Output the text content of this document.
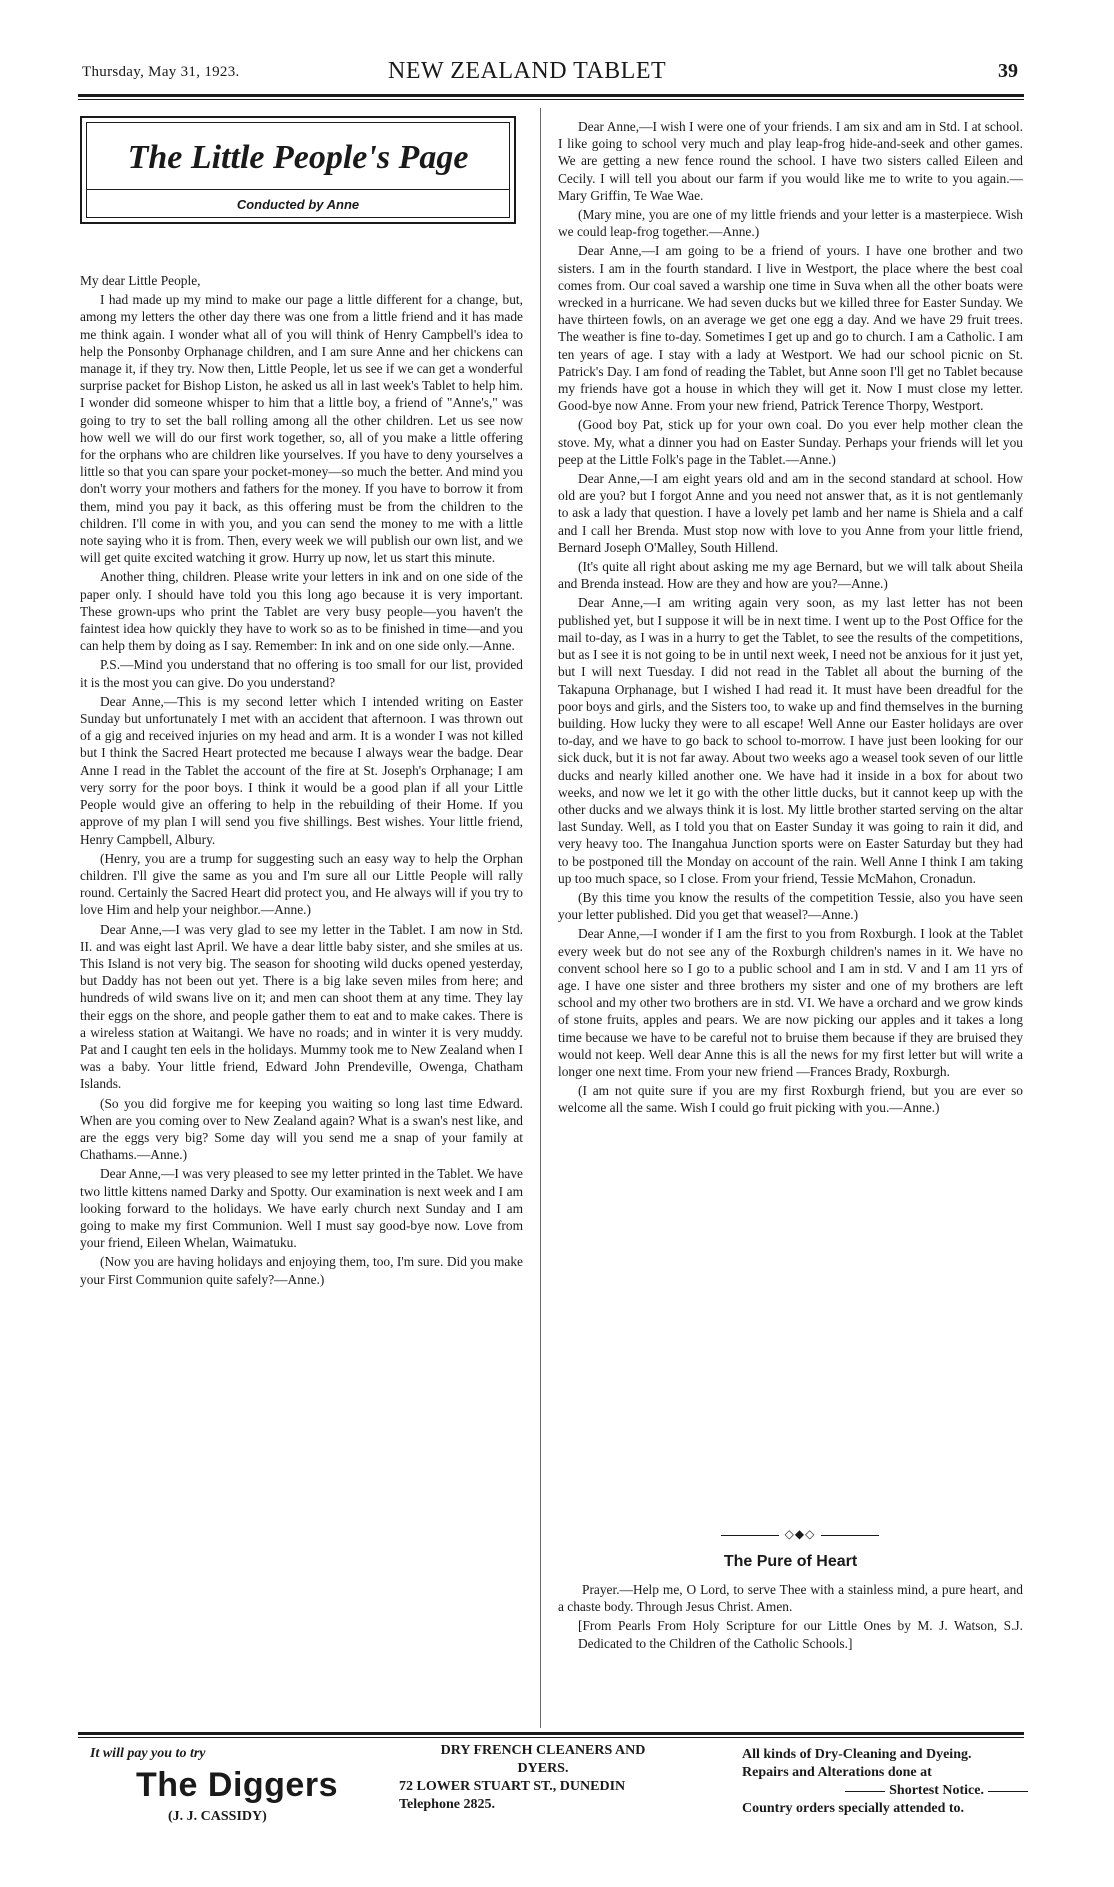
Thursday, May 31, 1923.	NEW ZEALAND TABLET	39
The Little People's Page
Conducted by Anne

My dear Little People,

I had made up my mind to make our page a little different for a change, but, among my letters the other day there was one from a little friend and it has made me think again. I wonder what all of you will think of Henry Campbell's idea to help the Ponsonby Orphanage children, and I am sure Anne and her chickens can manage it, if they try. Now then, Little People, let us see if we can get a wonderful surprise packet for Bishop Liston, he asked us all in last week's Tablet to help him. I wonder did someone whisper to him that a little boy, a friend of "Anne's," was going to try to set the ball rolling among all the other children. Let us see now how well we will do our first work together, so, all of you make a little offering for the orphans who are children like yourselves. If you have to deny yourselves a little so that you can spare your pocket-money—so much the better. And mind you don't worry your mothers and fathers for the money. If you have to borrow it from them, mind you pay it back, as this offering must be from the children to the children. I'll come in with you, and you can send the money to me with a little note saying who it is from. Then, every week we will publish our own list, and we will get quite excited watching it grow. Hurry up now, let us start this minute.

Another thing, children. Please write your letters in ink and on one side of the paper only. I should have told you this long ago because it is very important. These grown-ups who print the Tablet are very busy people—you haven't the faintest idea how quickly they have to work so as to be finished in time—and you can help them by doing as I say. Remember: In ink and on one side only.—Anne.

P.S.—Mind you understand that no offering is too small for our list, provided it is the most you can give. Do you understand?

Dear Anne,—This is my second letter which I intended writing on Easter Sunday but unfortunately I met with an accident that afternoon. I was thrown out of a gig and received injuries on my head and arm. It is a wonder I was not killed but I think the Sacred Heart protected me because I always wear the badge. Dear Anne I read in the Tablet the account of the fire at St. Joseph's Orphanage; I am very sorry for the poor boys. I think it would be a good plan if all your Little People would give an offering to help in the rebuilding of their Home. If you approve of my plan I will send you five shillings. Best wishes. Your little friend, Henry Campbell, Albury.

(Henry, you are a trump for suggesting such an easy way to help the Orphan children. I'll give the same as you and I'm sure all our Little People will rally round. Certainly the Sacred Heart did protect you, and He always will if you try to love Him and help your neighbor.—Anne.)

Dear Anne,—I was very glad to see my letter in the Tablet. I am now in Std. II. and was eight last April. We have a dear little baby sister, and she smiles at us. This Island is not very big. The season for shooting wild ducks opened yesterday, but Daddy has not been out yet. There is a big lake seven miles from here; and hundreds of wild swans live on it; and men can shoot them at any time. They lay their eggs on the shore, and people gather them to eat and to make cakes. There is a wireless station at Waitangi. We have no roads; and in winter it is very muddy. Pat and I caught ten eels in the holidays. Mummy took me to New Zealand when I was a baby. Your little friend, Edward John Prendeville, Owenga, Chatham Islands.

(So you did forgive me for keeping you waiting so long last time Edward. When are you coming over to New Zealand again? What is a swan's nest like, and are the eggs very big? Some day will you send me a snap of your family at Chathams.—Anne.)

Dear Anne,—I was very pleased to see my letter printed in the Tablet. We have two little kittens named Darky and Spotty. Our examination is next week and I am looking forward to the holidays. We have early church next Sunday and I am going to make my first Communion. Well I must say good-bye now. Love from your friend, Eileen Whelan, Waimatuku.

(Now you are having holidays and enjoying them, too, I'm sure. Did you make your First Communion quite safely?—Anne.)

Dear Anne,—I wish I were one of your friends. I am six and am in Std. I at school. I like going to school very much and play leap-frog hide-and-seek and other games. We are getting a new fence round the school. I have two sisters called Eileen and Cecily. I will tell you about our farm if you would like me to write to you again.—Mary Griffin, Te Wae Wae.

(Mary mine, you are one of my little friends and your letter is a masterpiece. Wish we could leap-frog together.—Anne.)

Dear Anne,—I am going to be a friend of yours. I have one brother and two sisters. I am in the fourth standard. I live in Westport, the place where the best coal comes from. Our coal saved a warship one time in Suva when all the other boats were wrecked in a hurricane. We had seven ducks but we killed three for Easter Sunday. We have thirteen fowls, on an average we get one egg a day. And we have 29 fruit trees. The weather is fine to-day. Sometimes I get up and go to church. I am a Catholic. I am ten years of age. I stay with a lady at Westport. We had our school picnic on St. Patrick's Day. I am fond of reading the Tablet, but Anne soon I'll get no Tablet because my friends have got a house in which they will get it. Now I must close my letter. Good-bye now Anne. From your new friend, Patrick Terence Thorpy, Westport.

(Good boy Pat, stick up for your own coal. Do you ever help mother clean the stove. My, what a dinner you had on Easter Sunday. Perhaps your friends will let you peep at the Little Folk's page in the Tablet.—Anne.)

Dear Anne,—I am eight years old and am in the second standard at school. How old are you? but I forgot Anne and you need not answer that, as it is not gentlemanly to ask a lady that question. I have a lovely pet lamb and her name is Shiela and a calf and I call her Brenda. Must stop now with love to you Anne from your little friend, Bernard Joseph O'Malley, South Hillend.

(It's quite all right about asking me my age Bernard, but we will talk about Sheila and Brenda instead. How are they and how are you?—Anne.)

Dear Anne,—I am writing again very soon, as my last letter has not been published yet, but I suppose it will be in next time. I went up to the Post Office for the mail to-day, as I was in a hurry to get the Tablet, to see the results of the competitions, but as I see it is not going to be in until next week, I need not be anxious for it just yet, but I will next Tuesday. I did not read in the Tablet all about the burning of the Takapuna Orphanage, but I wished I had read it. It must have been dreadful for the poor boys and girls, and the Sisters too, to wake up and find themselves in the burning building. How lucky they were to all escape! Well Anne our Easter holidays are over to-day, and we have to go back to school to-morrow. I have just been looking for our sick duck, but it is not far away. About two weeks ago a weasel took seven of our little ducks and nearly killed another one. We have had it inside in a box for about two weeks, and now we let it go with the other little ducks, but it cannot keep up with the other ducks and we always think it is lost. My little brother started serving on the altar last Sunday. Well, as I told you that on Easter Sunday it was going to rain it did, and very heavy too. The Inangahua Junction sports were on Easter Saturday but they had to be postponed till the Monday on account of the rain. Well Anne I think I am taking up too much space, so I close. From your friend, Tessie McMahon, Cronadun.

(By this time you know the results of the competition Tessie, also you have seen your letter published. Did you get that weasel?—Anne.)

Dear Anne,—I wonder if I am the first to you from Roxburgh. I look at the Tablet every week but do not see any of the Roxburgh children's names in it. We have no convent school here so I go to a public school and I am in std. V and I am 11 yrs of age. I have one sister and three brothers my sister and one of my brothers are left school and my other two brothers are in std. VI. We have a orchard and we grow kinds of stone fruits, apples and pears. We are now picking our apples and it takes a long time because we have to be careful not to bruise them because if they are bruised they would not keep. Well dear Anne this is all the news for my first letter but will write a longer one next time. From your new friend —Frances Brady, Roxburgh.

(I am not quite sure if you are my first Roxburgh friend, but you are ever so welcome all the same. Wish I could go fruit picking with you.—Anne.)

◇◆◇
The Pure of Heart

Prayer.—Help me, O Lord, to serve Thee with a stainless mind, a pure heart, and a chaste body. Through Jesus Christ. Amen.

[From Pearls From Holy Scripture for our Little Ones by M. J. Watson, S.J. Dedicated to the Children of the Catholic Schools.]

It will pay you to try
The Diggers
(J. J. CASSIDY)
DRY FRENCH CLEANERS AND
DYERS.
72 LOWER STUART ST., DUNEDIN
Telephone 2825.
All kinds of Dry-Cleaning and Dyeing.
Repairs and Alterations done at
Shortest Notice.
Country orders specially attended to.
